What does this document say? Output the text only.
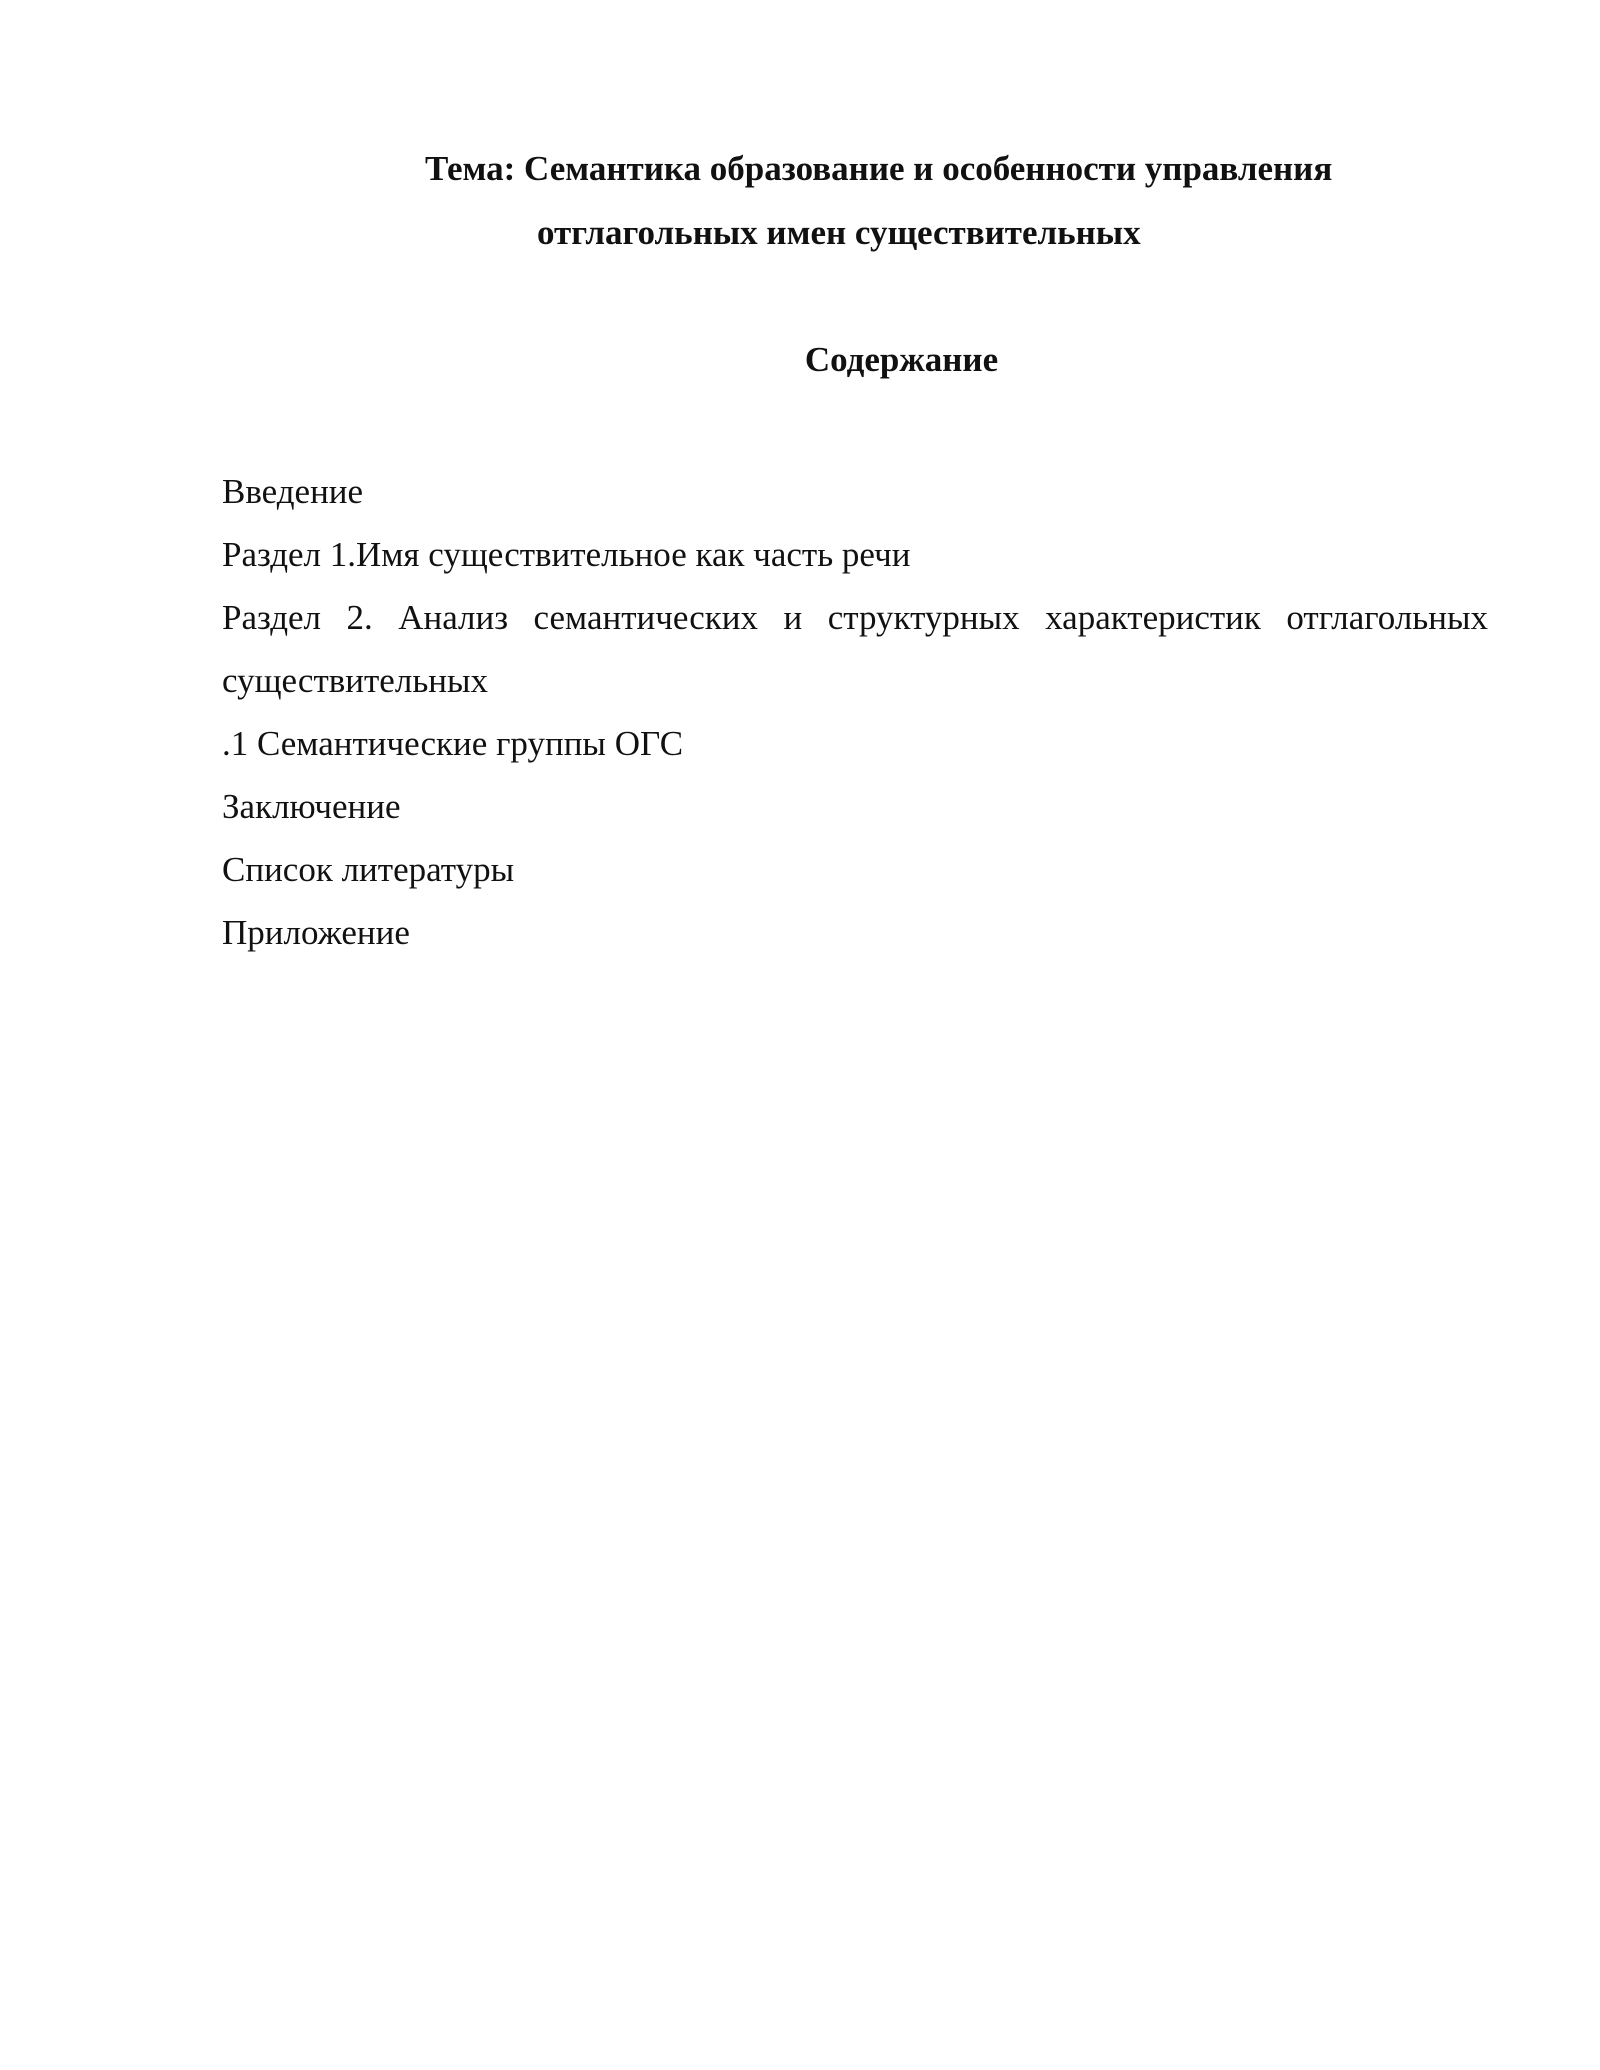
Тема: Семантика образование и особенности управления
отглагольных имен существительных
Содержание
Введение
Раздел 1.Имя существительное как часть речи
Раздел 2. Анализ семантических и структурных характеристик отглагольных
существительных
.1 Семантические группы ОГС
Заключение
Список литературы
Приложение
